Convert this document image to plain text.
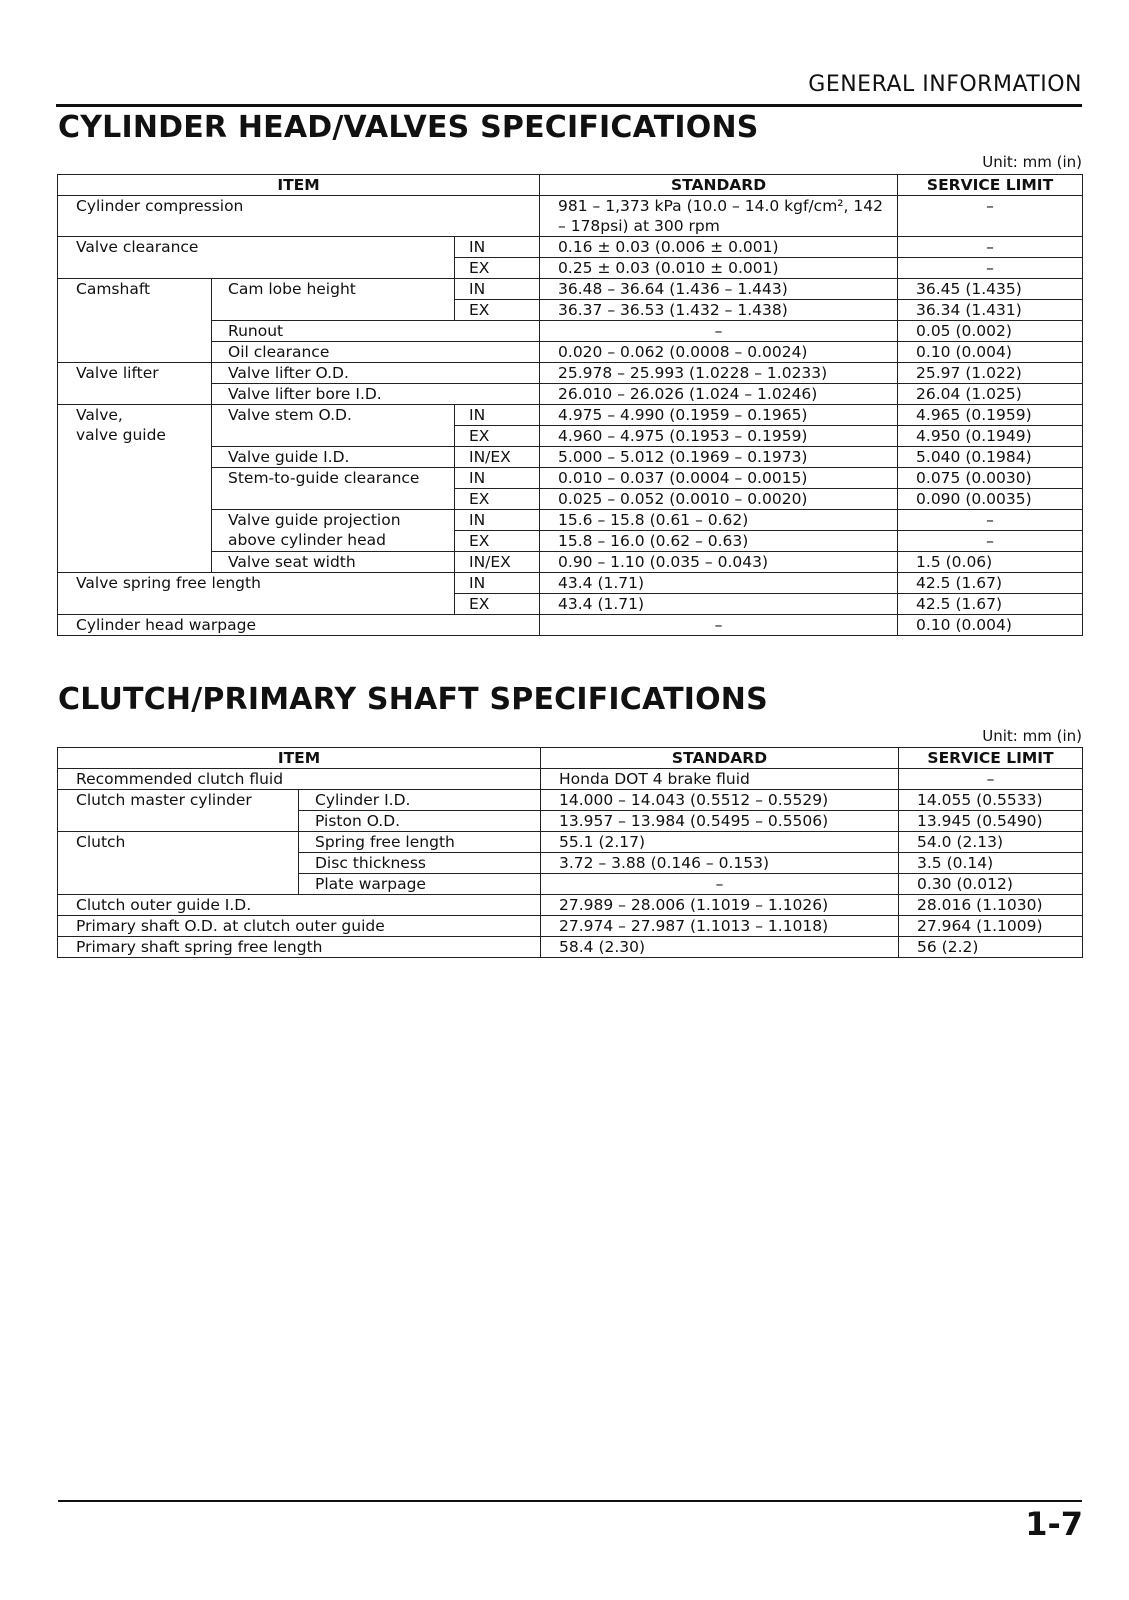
GENERAL INFORMATION
CYLINDER HEAD/VALVES SPECIFICATIONS
Unit: mm (in)
ITEM			STANDARD	SERVICE LIMIT
Cylinder compression			981 – 1,373 kPa (10.0 – 14.0 kgf/cm², 142 – 178psi) at 300 rpm	–
Valve clearance		IN	0.16 ± 0.03 (0.006 ± 0.001)	–
		EX	0.25 ± 0.03 (0.010 ± 0.001)	–
Camshaft	Cam lobe height	IN	36.48 – 36.64 (1.436 – 1.443)	36.45 (1.435)
		EX	36.37 – 36.53 (1.432 – 1.438)	36.34 (1.431)
	Runout		–	0.05 (0.002)
	Oil clearance		0.020 – 0.062 (0.0008 – 0.0024)	0.10 (0.004)
Valve lifter	Valve lifter O.D.		25.978 – 25.993 (1.0228 – 1.0233)	25.97 (1.022)
	Valve lifter bore I.D.		26.010 – 26.026 (1.024 – 1.0246)	26.04 (1.025)

Valve,
valve guide	Valve stem O.D.	IN	4.975 – 4.990 (0.1959 – 0.1965)	4.965 (0.1959)
		EX	4.960 – 4.975 (0.1953 – 0.1959)	4.950 (0.1949)
	Valve guide I.D.	IN/EX	5.000 – 5.012 (0.1969 – 0.1973)	5.040 (0.1984)
	Stem-to-guide clearance	IN	0.010 – 0.037 (0.0004 – 0.0015)	0.075 (0.0030)
		EX	0.025 – 0.052 (0.0010 – 0.0020)	0.090 (0.0035)

	Valve guide projection
above cylinder head	IN	15.6 – 15.8 (0.61 – 0.62)	–
		EX	15.8 – 16.0 (0.62 – 0.63)	–
	Valve seat width	IN/EX	0.90 – 1.10 (0.035 – 0.043)	1.5 (0.06)
Valve spring free length		IN	43.4 (1.71)	42.5 (1.67)
		EX	43.4 (1.71)	42.5 (1.67)
Cylinder head warpage			–	0.10 (0.004)
CLUTCH/PRIMARY SHAFT SPECIFICATIONS
Unit: mm (in)
ITEM		STANDARD	SERVICE LIMIT
Recommended clutch fluid		Honda DOT 4 brake fluid	–
Clutch master cylinder	Cylinder I.D.	14.000 – 14.043 (0.5512 – 0.5529)	14.055 (0.5533)
	Piston O.D.	13.957 – 13.984 (0.5495 – 0.5506)	13.945 (0.5490)
Clutch	Spring free length	55.1 (2.17)	54.0 (2.13)
	Disc thickness	3.72 – 3.88 (0.146 – 0.153)	3.5 (0.14)
	Plate warpage	–	0.30 (0.012)
Clutch outer guide I.D.		27.989 – 28.006 (1.1019 – 1.1026)	28.016 (1.1030)
Primary shaft O.D. at clutch outer guide		27.974 – 27.987 (1.1013 – 1.1018)	27.964 (1.1009)
Primary shaft spring free length		58.4 (2.30)	56 (2.2)
1-7
